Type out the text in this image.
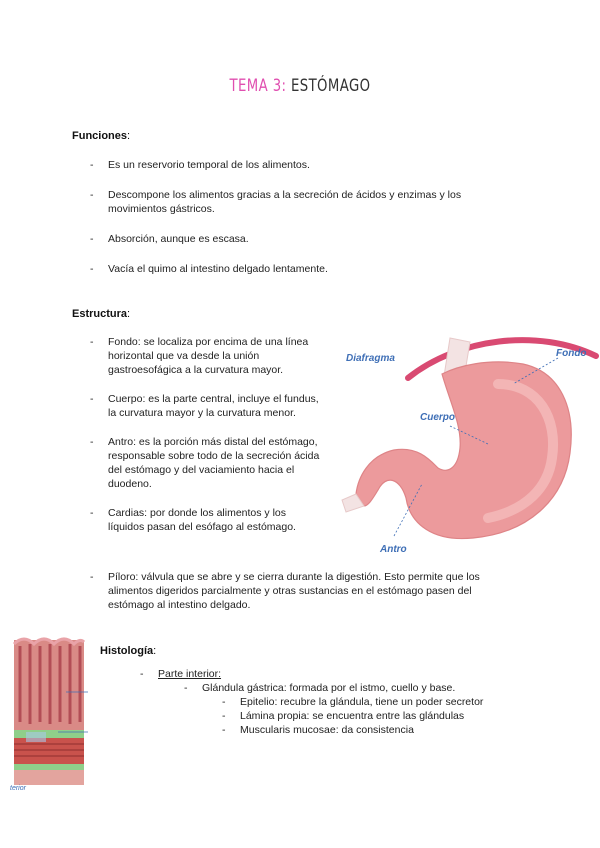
TEMA 3: ESTÓMAGO
Funciones:
- Es un reservorio temporal de los alimentos.
- Descompone los alimentos gracias a la secreción de ácidos y enzimas y los movimientos gástricos.
- Absorción, aunque es escasa.
- Vacía el quimo al intestino delgado lentamente.
Estructura:
- Fondo: se localiza por encima de una línea horizontal que va desde la unión gastroesofágica a la curvatura mayor.
- Cuerpo: es la parte central, incluye el fundus, la curvatura mayor y la curvatura menor.
- Antro: es la porción más distal del estómago, responsable sobre todo de la secreción ácida del estómago y del vaciamiento hacia el duodeno.
- Cardias: por donde los alimentos y los líquidos pasan del esófago al estómago.
- Píloro: válvula que se abre y se cierra durante la digestión. Esto permite que los alimentos digeridos parcialmente y otras sustancias en el estómago pasen del estómago al intestino delgado.
Diafragma	Fondo
Cuerpo
Antro
terior
Histología:
- Parte interior:
- Glándula gástrica: formada por el istmo, cuello y base.
- Epitelio: recubre la glándula, tiene un poder secretor
- Lámina propia: se encuentra entre las glándulas
- Muscularis mucosae: da consistencia
